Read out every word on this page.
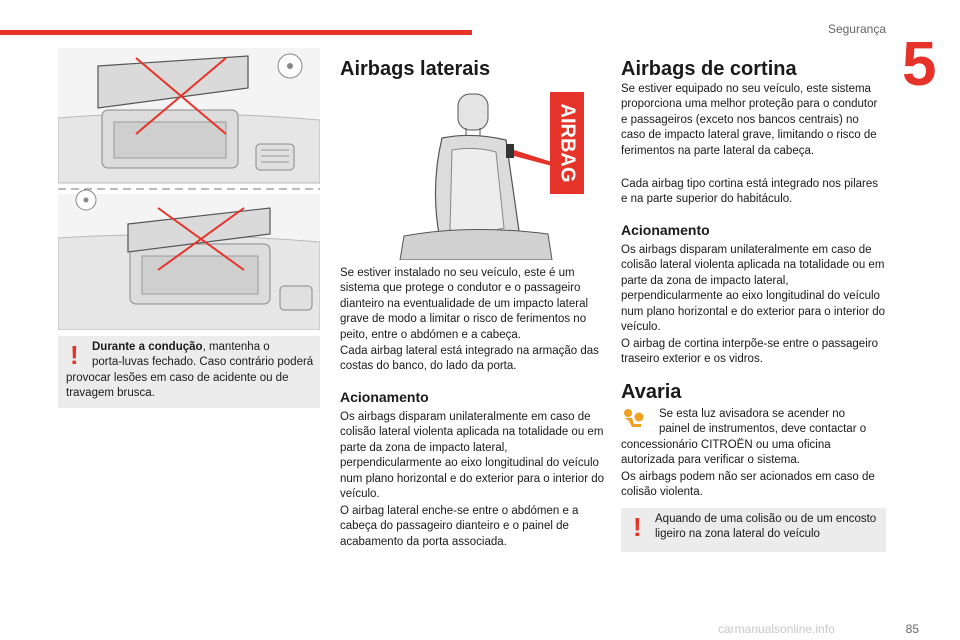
Segurança
5
carmanualsonline.info	85
! Durante a condução, mantenha o
porta-luvas fechado. Caso contrário poderá provocar lesões em caso de acidente ou de travagem brusca.
Airbags laterais
AIRBAG

Se estiver instalado no seu veículo, este é um sistema que protege o condutor e o passageiro dianteiro na eventualidade de um impacto lateral grave de modo a limitar o risco de ferimentos no peito, entre o abdómen e a cabeça.

Cada airbag lateral está integrado na armação das costas do banco, do lado da porta.

Acionamento

Os airbags disparam unilateralmente em caso de colisão lateral violenta aplicada na totalidade ou em parte da zona de impacto lateral, perpendicularmente ao eixo longitudinal do veículo num plano horizontal e do exterior para o interior do veículo.

O airbag lateral enche-se entre o abdómen e a cabeça do passageiro dianteiro e o painel de acabamento da porta associada.

Airbags de cortina

Se estiver equipado no seu veículo, este sistema proporciona uma melhor proteção para o condutor e passageiros (exceto nos bancos centrais) no caso de impacto lateral grave, limitando o risco de ferimentos na parte lateral da cabeça.

Cada airbag tipo cortina está integrado nos pilares e na parte superior do habitáculo.

Acionamento

Os airbags disparam unilateralmente em caso de colisão lateral violenta aplicada na totalidade ou em parte da zona de impacto lateral, perpendicularmente ao eixo longitudinal do veículo num plano horizontal e do exterior para o interior do veículo.

O airbag de cortina interpõe-se entre o passageiro traseiro exterior e os vidros.

Avaria

Se esta luz avisadora se acender no

painel de instrumentos, deve contactar o

concessionário CITROËN ou uma oficina autorizada para verificar o sistema.

Os airbags podem não ser acionados em caso de colisão violenta.

! Aquando de uma colisão ou de um encosto ligeiro na zona lateral do veículo
